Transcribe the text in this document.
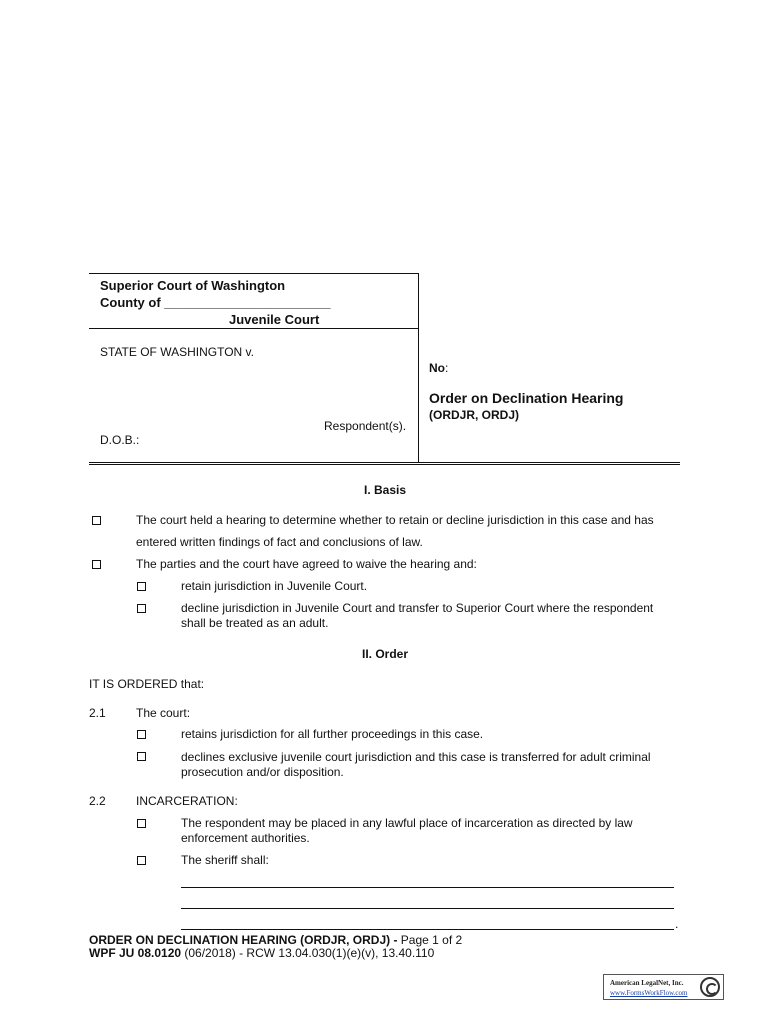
Superior Court of Washington
County of _______________________
Juvenile Court
STATE OF WASHINGTON v.
Respondent(s).
D.O.B.:
No:
Order on Declination Hearing
(ORDJR, ORDJ)
I. Basis
The court held a hearing to determine whether to retain or decline jurisdiction in this case and has
entered written findings of fact and conclusions of law.
The parties and the court have agreed to waive the hearing and:
retain jurisdiction in Juvenile Court.
decline jurisdiction in Juvenile Court and transfer to Superior Court where the respondent
shall be treated as an adult.
II. Order
IT IS ORDERED that:
2.1	The court:
retains jurisdiction for all further proceedings in this case.
declines exclusive juvenile court jurisdiction and this case is transferred for adult criminal
prosecution and/or disposition.
2.2	INCARCERATION:
The respondent may be placed in any lawful place of incarceration as directed by law
enforcement authorities.
The sheriff shall:
.
ORDER ON DECLINATION HEARING (ORDJR, ORDJ) - Page 1 of 2
WPF JU 08.0120 (06/2018) - RCW 13.04.030(1)(e)(v), 13.40.110
American LegalNet, Inc.
www.FormsWorkFlow.com
